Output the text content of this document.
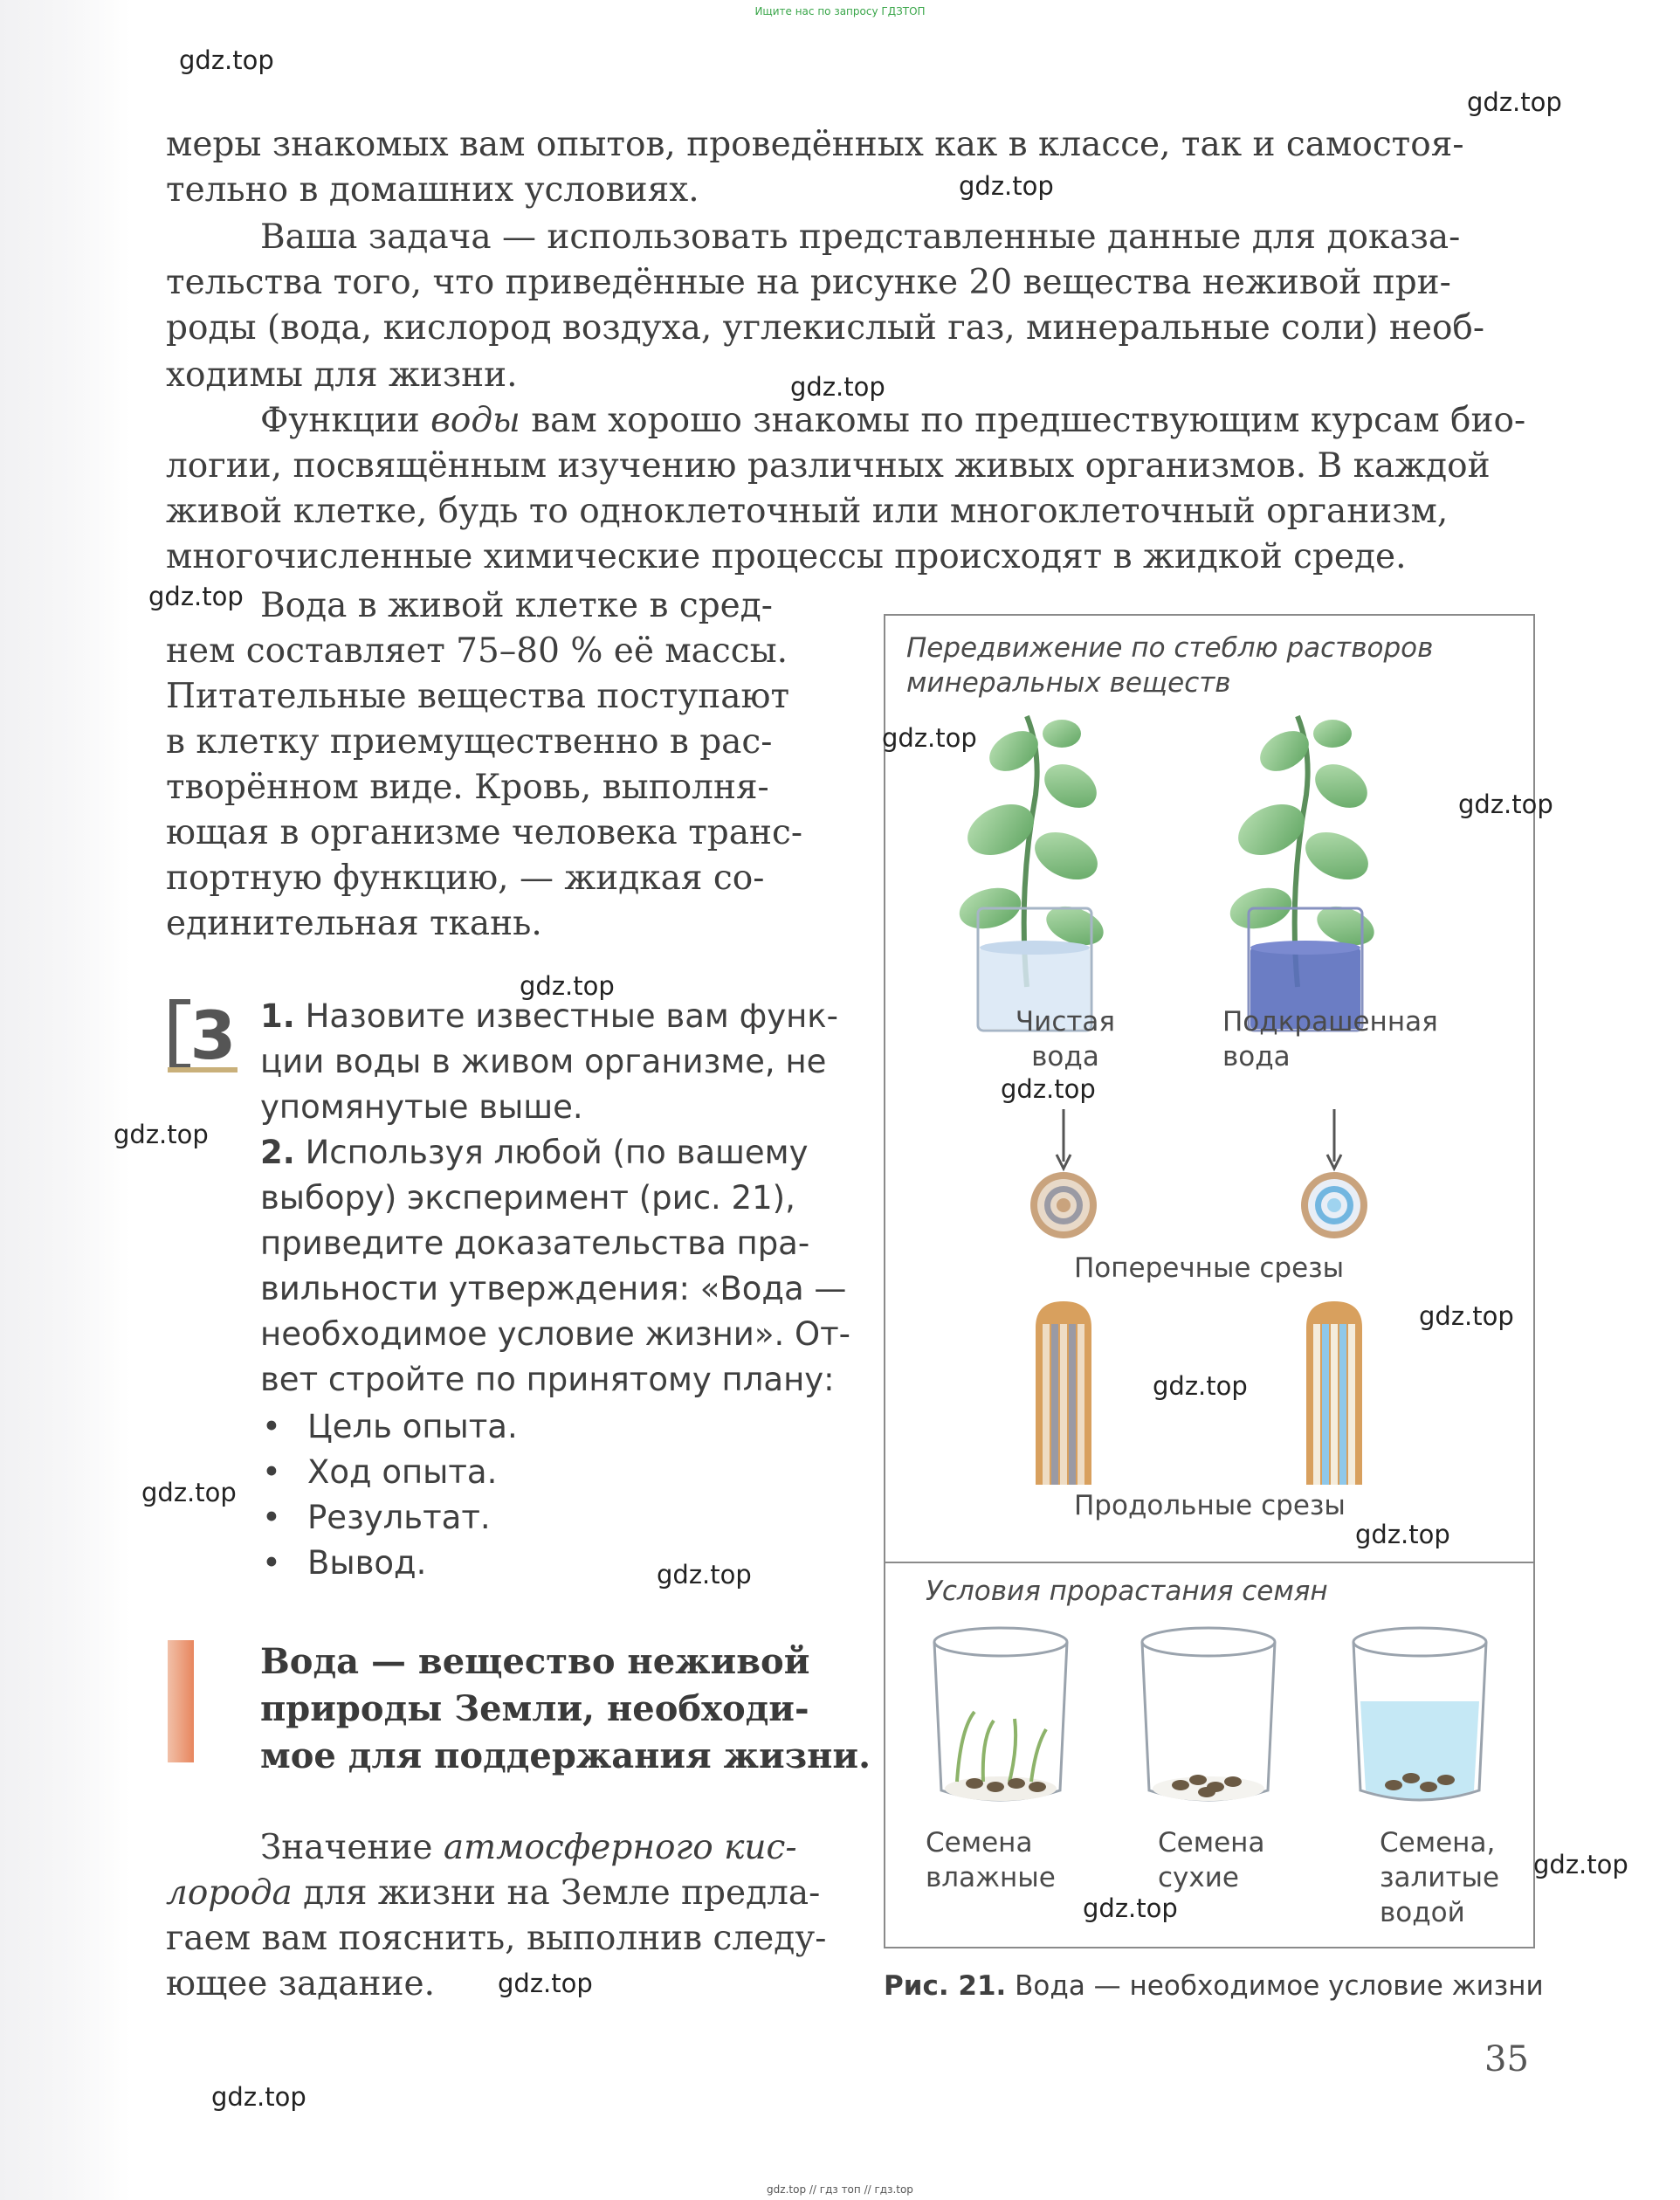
Ищите нас по запросу ГДЗТОП
меры знакомых вам опытов, проведённых как в классе, так и самостоя-
тельно в домашних условиях.
Ваша задача — использовать представленные данные для доказа-
тельства того, что приведённые на рисунке 20 вещества неживой при-
роды (вода, кислород воздуха, углекислый газ, минеральные соли) необ-
ходимы для жизни.
Функции воды вам хорошо знакомы по предшествующим курсам био-
логии, посвящённым изучению различных живых организмов. В каждой
живой клетке, будь то одноклеточный или многоклеточный организм,
многочисленные химические процессы происходят в жидкой среде.
Вода в живой клетке в сред-
нем составляет 75–80 % её массы.
Питательные вещества поступают
в клетку приемущественно в рас-
творённом виде. Кровь, выполня-
ющая в организме человека транс-
портную функцию, — жидкая со-
единительная ткань.
3 1. Назовите известные вам функ-
ции воды в живом организме, не
упомянутые выше.
2. Используя любой (по вашему
выбору) эксперимент (рис. 21),
приведите доказательства пра-
вильности утверждения: «Вода —
необходимое условие жизни». От-
вет стройте по принятому плану:
• Цель опыта.
• Ход опыта.
• Результат.
• Вывод.
Вода — вещество неживой
природы Земли, необходи-
мое для поддержания жизни.
Значение атмосферного кис-
лорода для жизни на Земле предла-
гаем вам пояснить, выполнив следу-
ющее задание.
Передвижение по стеблю растворов
минеральных веществ
Чистая
вода
Подкрашенная
вода
Поперечные срезы
Продольные срезы
Условия прорастания семян
Семена
влажные
Семена
сухие
Семена,
залитые
водой
Рис. 21. Вода — необходимое условие жизни
35
gdz.top
gdz.top
gdz.top
gdz.top
gdz.top
gdz.top
gdz.top
gdz.top
gdz.top
gdz.top
gdz.top
gdz.top
gdz.top
gdz.top
gdz.top
gdz.top
gdz.top
gdz.top
gdz.top
gdz.top // гдз топ // гдз.top
